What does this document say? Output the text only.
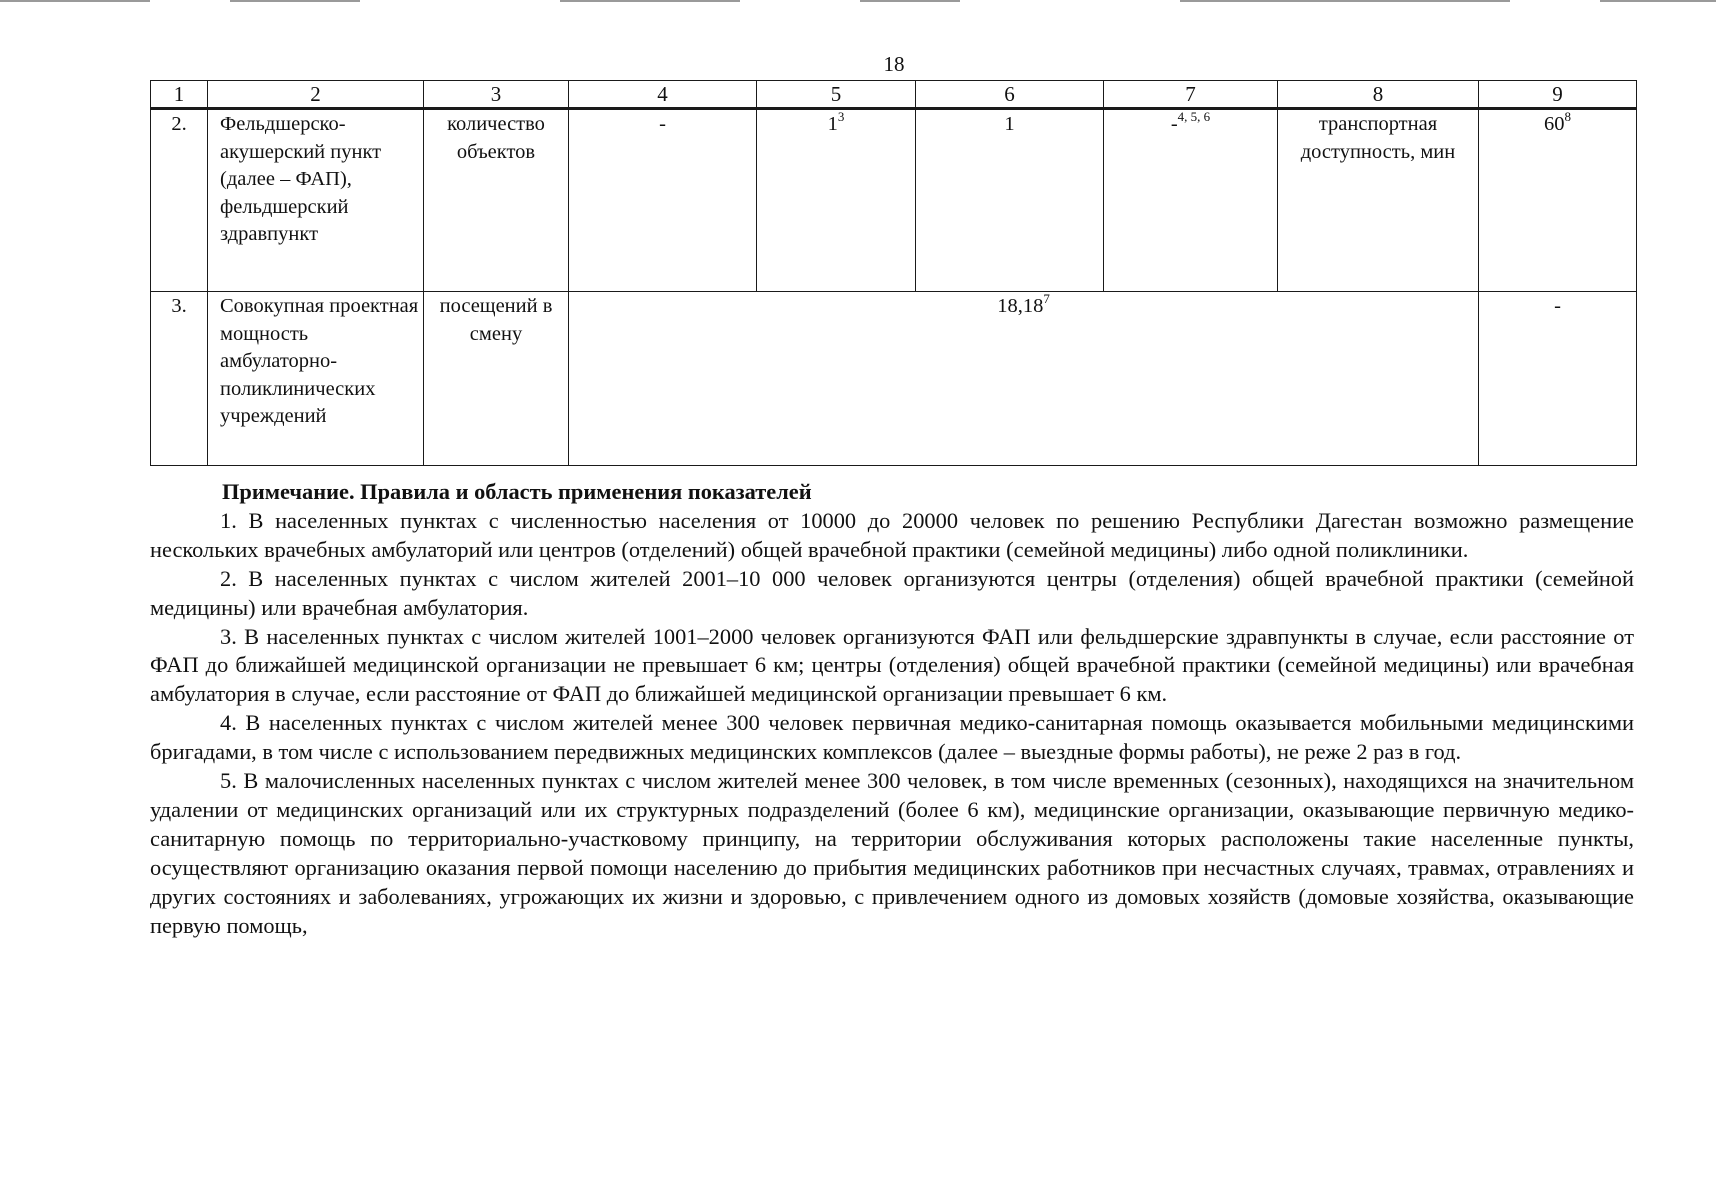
18
1	2	3	4	5	6	7	8	9	
2.	Фельдшерско-акушерский пункт (далее – ФАП), фельдшерский здравпункт	количество объектов	-	$1^3$	1	-$^{4, 5, 6}$	транспортная доступность, мин	$60^8$
3.	Совокупная проектная мощность амбулаторно-поликлинических учреждений	посещений в смену	18,18$^7$					-	

Примечание. Правила и область применения показателей

1. В населенных пунктах с численностью населения от 10000 до 20000 человек по решению Республики Дагестан возможно размещение нескольких врачебных амбулаторий или центров (отделений) общей врачебной практики (семейной медицины) либо одной поликлиники.

2. В населенных пунктах с числом жителей 2001–10 000 человек организуются центры (отделения) общей врачебной практики (семейной медицины) или врачебная амбулатория.

3. В населенных пунктах с числом жителей 1001–2000 человек организуются ФАП или фельдшерские здравпункты в случае, если расстояние от ФАП до ближайшей медицинской организации не превышает 6 км; центры (отделения) общей врачебной практики (семейной медицины) или врачебная амбулатория в случае, если расстояние от ФАП до ближайшей медицинской организации превышает 6 км.

4. В населенных пунктах с числом жителей менее 300 человек первичная медико-санитарная помощь оказывается мобильными медицинскими бригадами, в том числе с использованием передвижных медицинских комплексов (далее – выездные формы работы), не реже 2 раз в год.

5. В малочисленных населенных пунктах с числом жителей менее 300 человек, в том числе временных (сезонных), находящихся на значительном удалении от медицинских организаций или их структурных подразделений (более 6 км), медицинские организации, оказывающие первичную медико-санитарную помощь по территориально-участковому принципу, на территории обслуживания которых расположены такие населенные пункты, осуществляют организацию оказания первой помощи населению до прибытия медицинских работников при несчастных случаях, травмах, отравлениях и других состояниях и заболеваниях, угрожающих их жизни и здоровью, с привлечением одного из домовых хозяйств (домовые хозяйства, оказывающие первую помощь,
